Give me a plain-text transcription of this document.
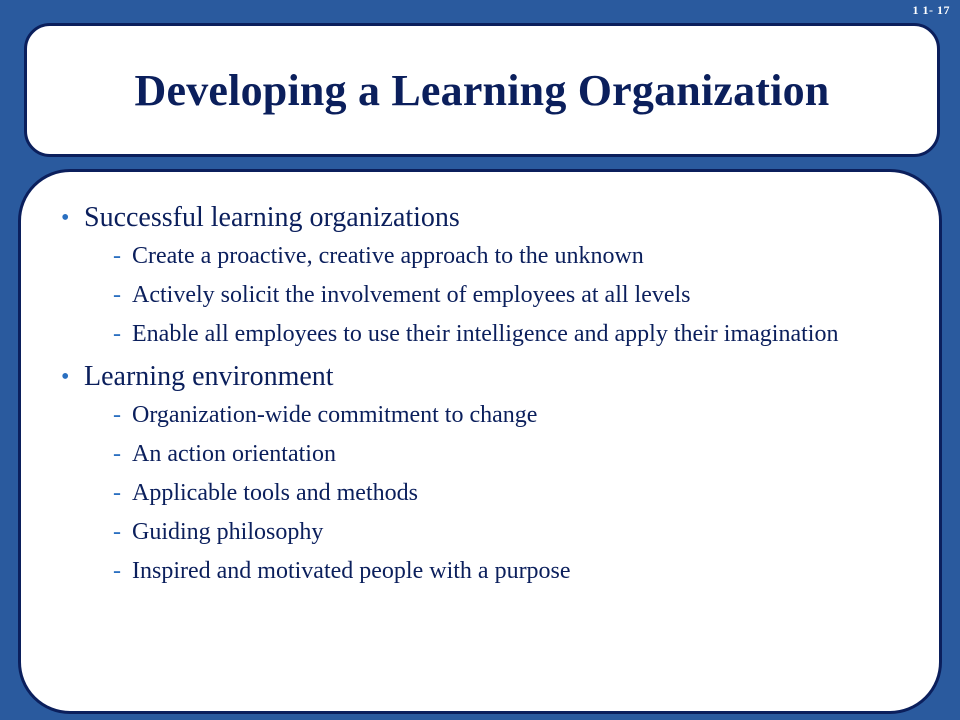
1 1- 17
Developing a Learning Organization
• Successful learning organizations
- Create a proactive, creative approach to the unknown
- Actively solicit the involvement of employees at all levels
- Enable all employees to use their intelligence and apply their imagination
• Learning environment
- Organization-wide commitment to change
- An action orientation
- Applicable tools and methods
- Guiding philosophy
- Inspired and motivated people with a purpose
